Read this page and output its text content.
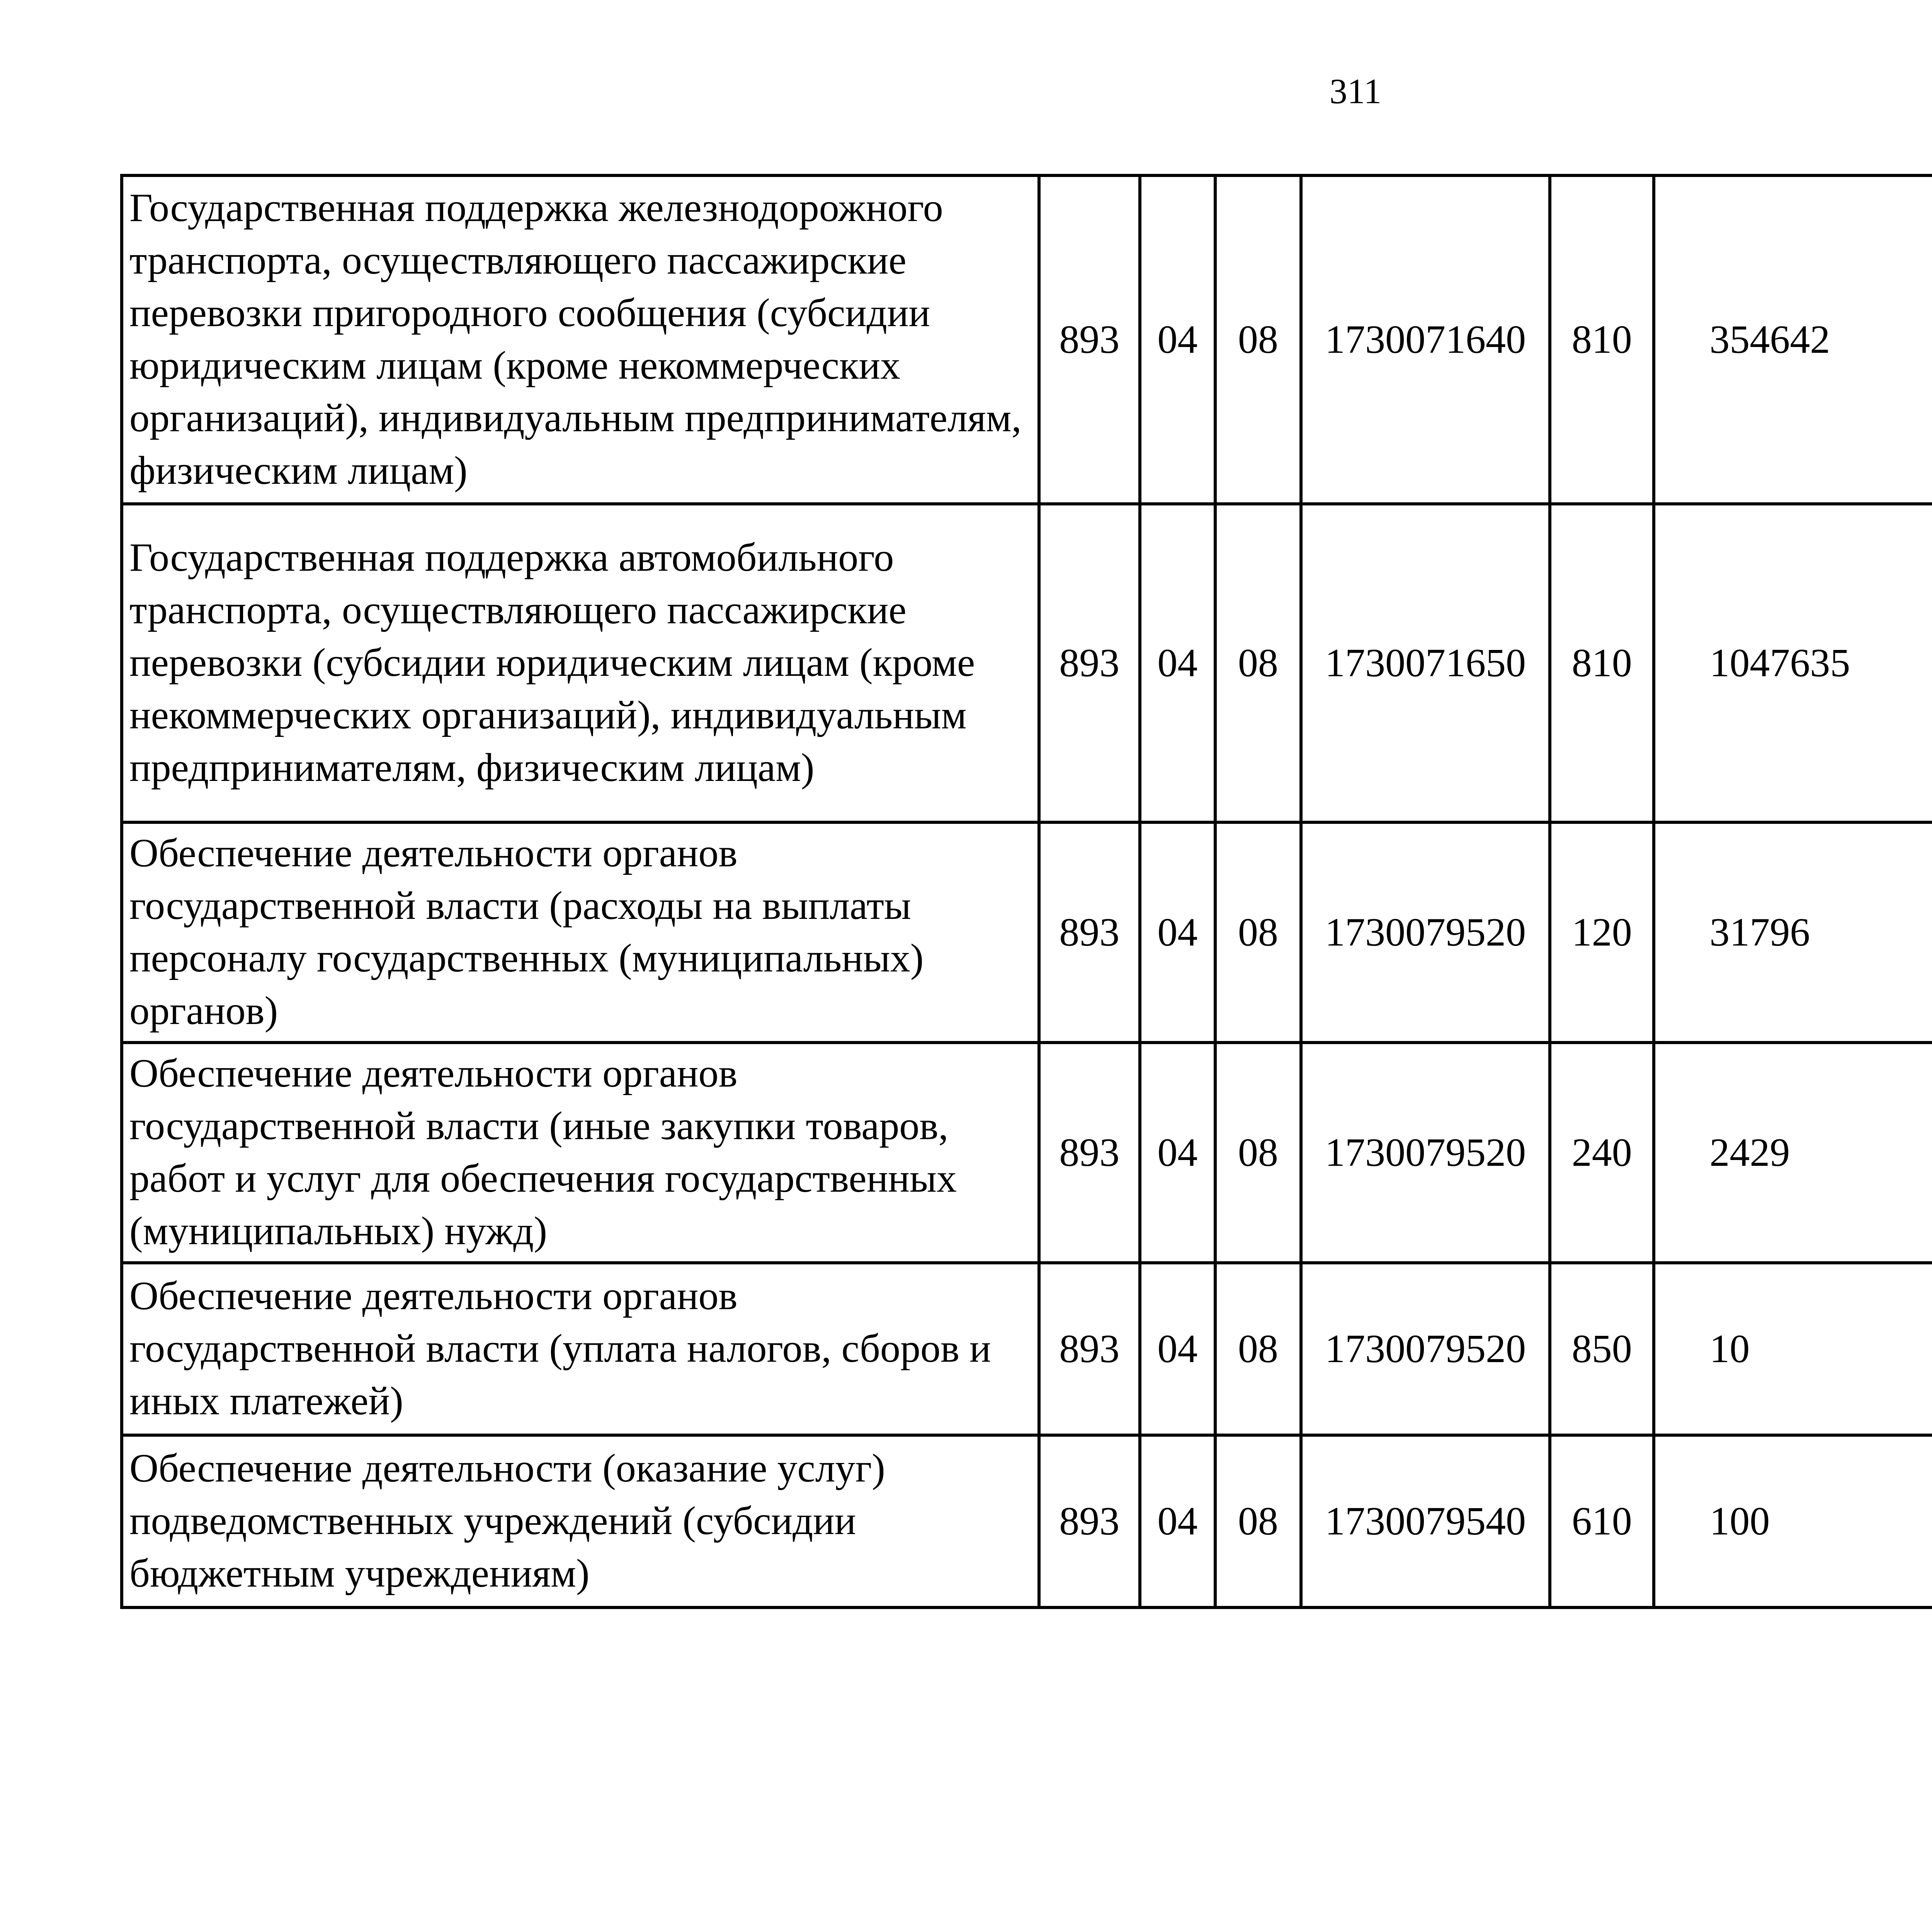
311
Государственная поддержка железнодорожного транспорта, осуществляющего пассажирские перевозки пригородного сообщения (субсидии юридическим лицам (кроме некоммерческих организаций), индивидуальным предпринимателям, физическим лицам)	893	04	08	1730071640	810	354642		
Государственная поддержка автомобильного транспорта, осуществляющего пассажирские перевозки (субсидии юридическим лицам (кроме некоммерческих организаций), индивидуальным предпринимателям, физическим лицам)	893	04	08	1730071650	810	1047635		
Обеспечение деятельности органов государственной власти (расходы на выплаты персоналу государственных (муниципальных) органов)	893	04	08	1730079520	120	31796		
Обеспечение деятельности органов государственной власти (иные закупки товаров, работ и услуг для обеспечения государственных (муниципальных) нужд)	893	04	08	1730079520	240	2429		
Обеспечение деятельности органов государственной власти (уплата налогов, сборов и иных платежей)	893	04	08	1730079520	850	10		
Обеспечение деятельности (оказание услуг) подведомственных учреждений (субсидии бюджетным учреждениям)	893	04	08	1730079540	610	100		
